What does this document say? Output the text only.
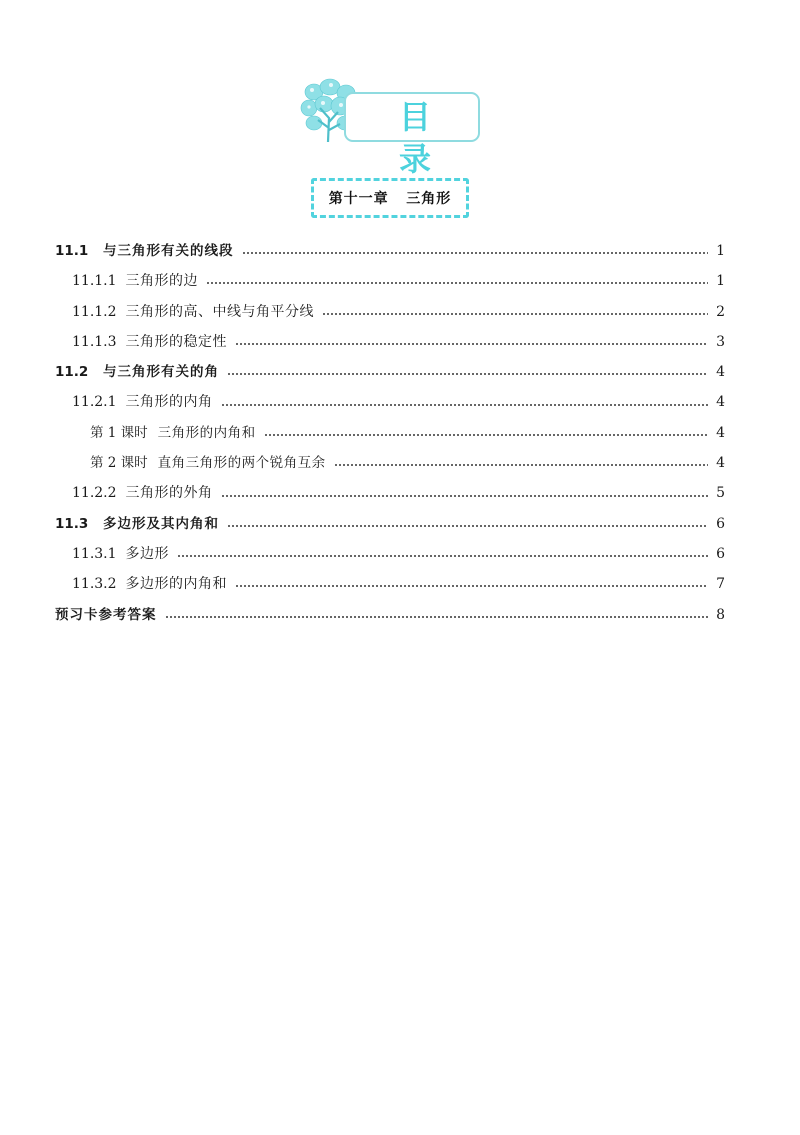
目 录
第十一章   三角形
11.1	与三角形有关的线段	1
11.1.1 三角形的边	1
11.1.2 三角形的高、中线与角平分线	2
11.1.3 三角形的稳定性	3
11.2	与三角形有关的角	4
11.2.1 三角形的内角	4
第 1 课时 三角形的内角和	4
第 2 课时 直角三角形的两个锐角互余	4
11.2.2 三角形的外角	5
11.3	多边形及其内角和	6
11.3.1 多边形	6
11.3.2 多边形的内角和	7
预习卡参考答案	8
